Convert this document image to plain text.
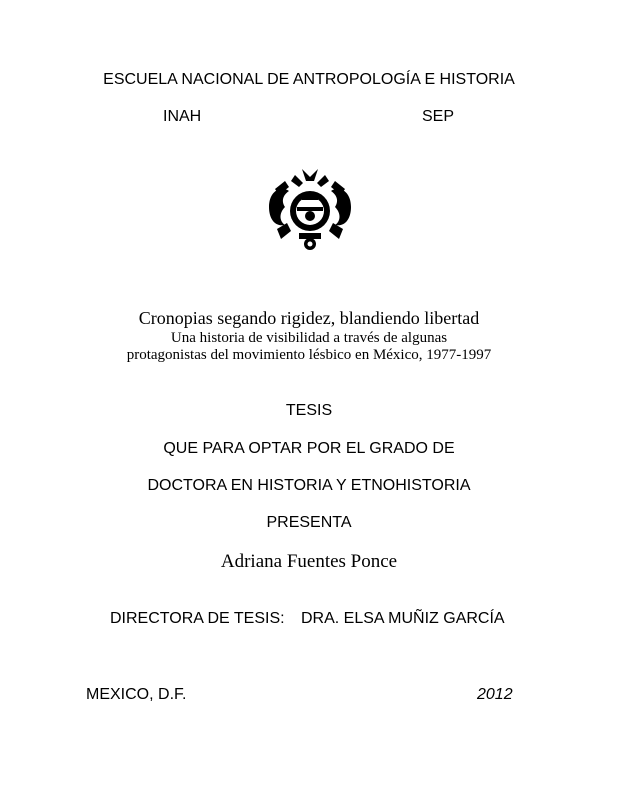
ESCUELA NACIONAL DE ANTROPOLOGÍA E HISTORIA
INAH	SEP
Cronopias segando rigidez, blandiendo libertad
Una historia de visibilidad a través de algunas
protagonistas del movimiento lésbico en México, 1977-1997
TESIS
QUE PARA OPTAR POR EL GRADO DE
DOCTORA EN HISTORIA Y ETNOHISTORIA
PRESENTA
Adriana Fuentes Ponce
DIRECTORA DE TESIS: DRA. ELSA MUÑIZ GARCÍA
MEXICO, D.F.	2012
